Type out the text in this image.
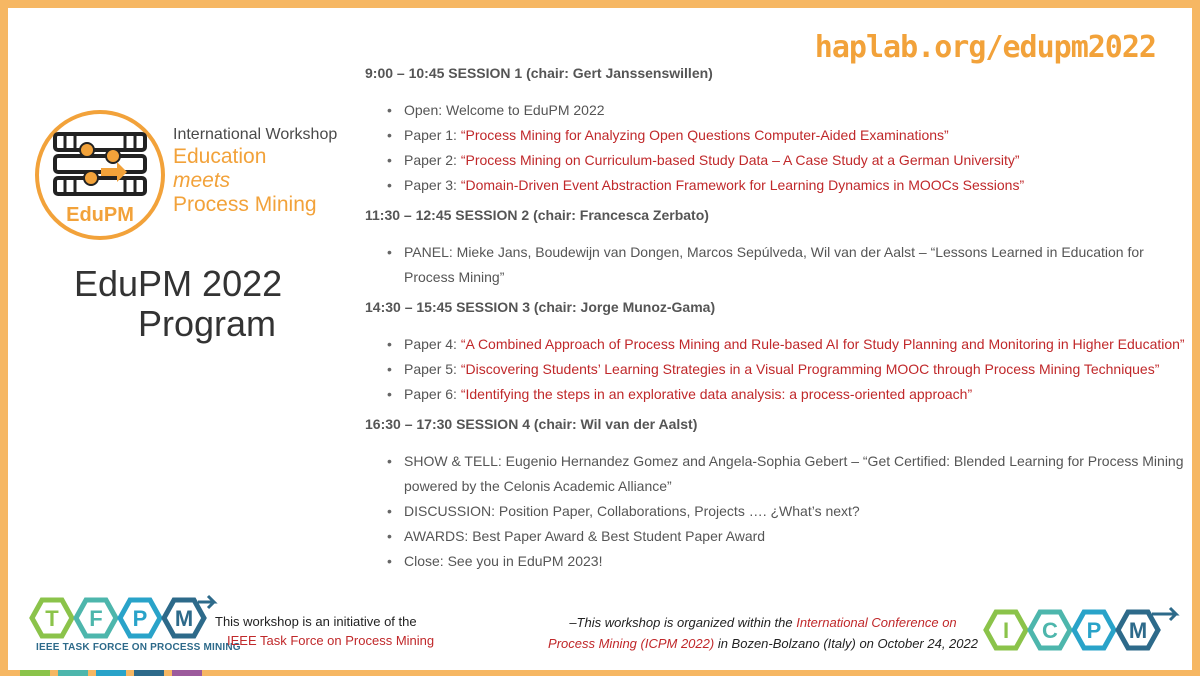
haplab.org/edupm2022
EduPM
International Workshop
Education
meets
Process Mining
EduPM 2022
Program
9:00 – 10:45 SESSION 1 (chair: Gert Janssenswillen)
• Open: Welcome to EduPM 2022
• Paper 1: “Process Mining for Analyzing Open Questions Computer-Aided Examinations”
• Paper 2: “Process Mining on Curriculum-based Study Data – A Case Study at a German University”
• Paper 3: “Domain-Driven Event Abstraction Framework for Learning Dynamics in MOOCs Sessions”
11:30 – 12:45 SESSION 2 (chair: Francesca Zerbato)
• PANEL: Mieke Jans, Boudewijn van Dongen, Marcos Sepúlveda, Wil van der Aalst – “Lessons Learned in Education for Process Mining”
14:30 – 15:45 SESSION 3 (chair: Jorge Munoz-Gama)
• Paper 4: “A Combined Approach of Process Mining and Rule-based AI for Study Planning and Monitoring in Higher Education”
• Paper 5: “Discovering Students’ Learning Strategies in a Visual Programming MOOC through Process Mining Techniques”
• Paper 6: “Identifying the steps in an explorative data analysis: a process-oriented approach”
16:30 – 17:30 SESSION 4 (chair: Wil van der Aalst)
• SHOW & TELL: Eugenio Hernandez Gomez and Angela-Sophia Gebert – “Get Certified: Blended Learning for Process Mining powered by the Celonis Academic Alliance”
• DISCUSSION: Position Paper, Collaborations, Projects …. ¿What’s next?
• AWARDS: Best Paper Award & Best Student Paper Award
• Close: See you in EduPM 2023!
T F P M
IEEE TASK FORCE ON PROCESS MINING
This workshop is an initiative of the
IEEE Task Force on Process Mining
–This workshop is organized within the International Conference on Process Mining (ICPM 2022) in Bozen-Bolzano (Italy) on October 24, 2022
I C P M
